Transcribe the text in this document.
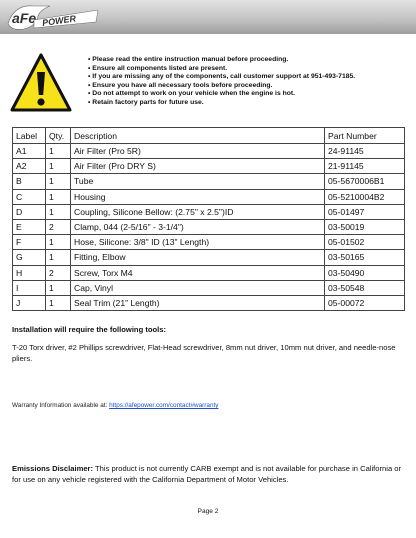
aFe POWER
• Please read the entire instruction manual before proceeding.
• Ensure all components listed are present.
• If you are missing any of the components, call customer support at 951-493-7185.
• Ensure you have all necessary tools before proceeding.
• Do not attempt to work on your vehicle when the engine is hot.
• Retain factory parts for future use.
Label	Qty.	Description	Part Number
A1	1	Air Filter (Pro 5R)	24-91145
A2	1	Air Filter (Pro DRY S)	21-91145
B	1	Tube	05-5670006B1
C	1	Housing	05-5210004B2
D	1	Coupling, Silicone Bellow: (2.75" x 2.5")ID	05-01497
E	2	Clamp, 044 (2-5/16" - 3-1/4")	03-50019
F	1	Hose, Silicone: 3/8" ID (13" Length)	05-01502
G	1	Fitting, Elbow	03-50165
H	2	Screw, Torx M4	03-50490
I	1	Cap, Vinyl	03-50548
J	1	Seal Trim (21” Length)	05-00072

Installation will require the following tools:

T-20 Torx driver, #2 Phillips screwdriver, Flat-Head screwdriver, 8mm nut driver, 10mm nut driver, and needle-nose pliers.

Warranty Information available at: https://afepower.com/contact#warranty

Emissions Disclaimer: This product is not currently CARB exempt and is not available for purchase in California or for use on any vehicle registered with the California Department of Motor Vehicles.

Page 2
